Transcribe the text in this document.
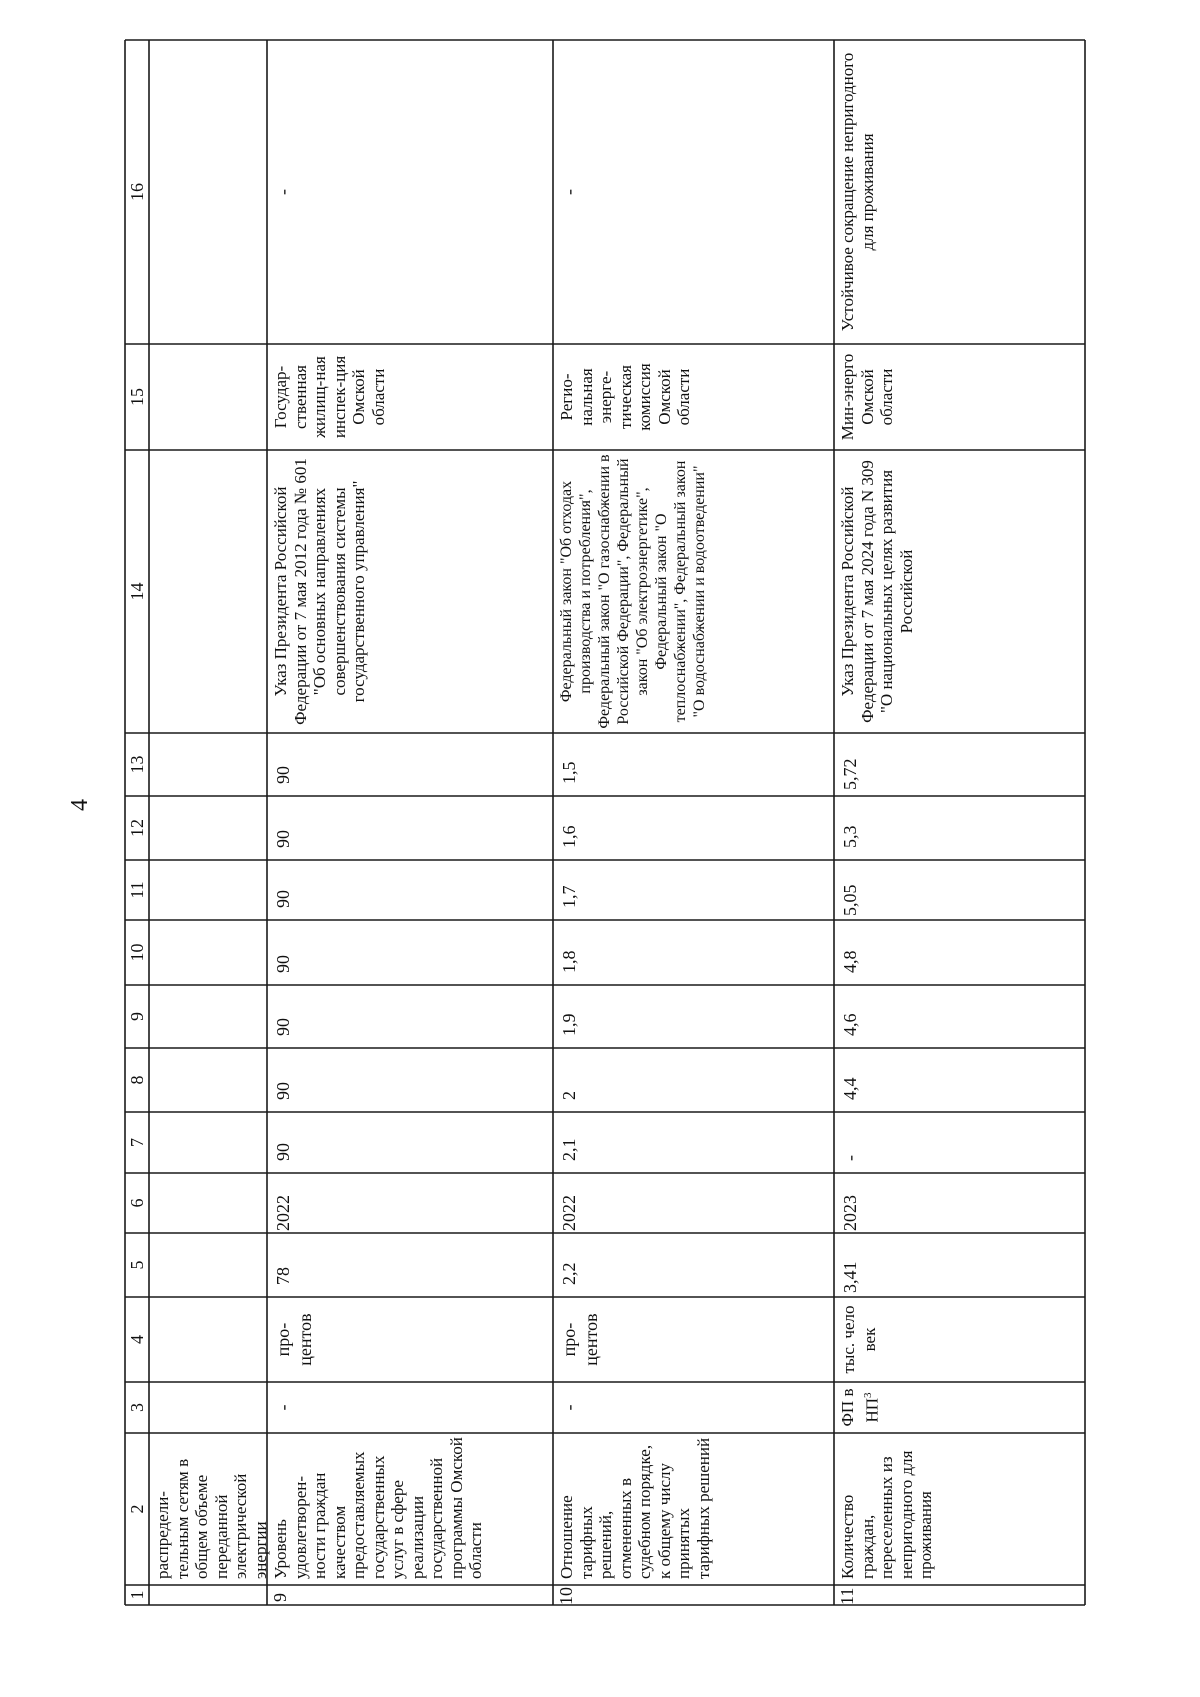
4
1
2
3
4
5
6
7
8
9
10
11
12
13
14
15
16
распредели-тельным сетям в общем объеме переданной электрической энергии
9
Уровень удовлетворен-ности граждан качеством предоставляемых государственных услуг в сфере реализации государственной программы Омской области
-
про-центов
78
2022
90
90
90
90
90
90
90
Указ Президента Российской Федерации от 7 мая 2012 года № 601 "Об основных направлениях совершенствования системы государственного управления"
Государ-ственная жилищ-ная инспек-ция Омской области
-
10
Отношение тарифных решений, отмененных в судебном порядке, к общему числу принятых тарифных решений
-
про-центов
2,2
2022
2,1
2
1,9
1,8
1,7
1,6
1,5
Федеральный закон "Об отходах производства и потребления", Федеральный закон "О газоснабжении в Российской Федерации", Федеральный закон "Об электроэнергетике", Федеральный закон "О теплоснабжении", Федеральный закон "О водоснабжении и водоотведении"
Регио-нальная энерге-тическая комиссия Омской области
-
11
Количество граждан, переселенных из непригодного для проживания
ФП в $НП^3$
тыс. чело век
3,41
2023
-
4,4
4,6
4,8
5,05
5,3
5,72
Указ Президента Российской Федерации от 7 мая 2024 года N 309 "О национальных целях развития Российской
Мин-энерго Омской области
Устойчивое сокращение непригодного для проживания
